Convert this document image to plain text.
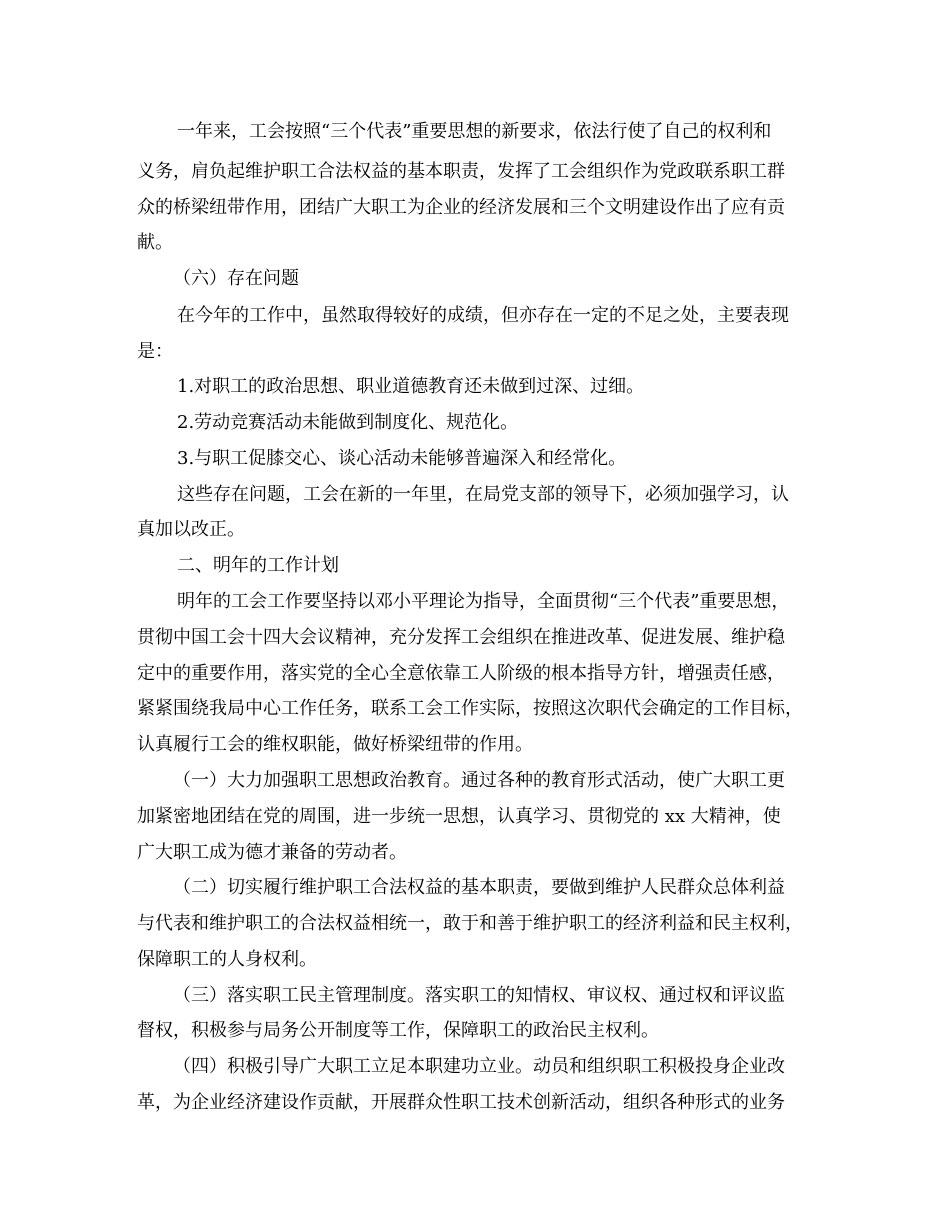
一年来，工会按照“三个代表”重要思想的新要求，依法行使了自己的权利和
义务，肩负起维护职工合法权益的基本职责，发挥了工会组织作为党政联系职工群
众的桥梁纽带作用，团结广大职工为企业的经济发展和三个文明建设作出了应有贡
献。
（六）存在问题
在今年的工作中，虽然取得较好的成绩，但亦存在一定的不足之处，主要表现
是：
1.对职工的政治思想、职业道德教育还未做到过深、过细。
2.劳动竞赛活动未能做到制度化、规范化。
3.与职工促膝交心、谈心活动未能够普遍深入和经常化。
这些存在问题，工会在新的一年里，在局党支部的领导下，必须加强学习，认
真加以改正。
二、明年的工作计划
明年的工会工作要坚持以邓小平理论为指导，全面贯彻“三个代表”重要思想，
贯彻中国工会十四大会议精神，充分发挥工会组织在推进改革、促进发展、维护稳
定中的重要作用，落实党的全心全意依靠工人阶级的根本指导方针，增强责任感，
紧紧围绕我局中心工作任务，联系工会工作实际，按照这次职代会确定的工作目标，
认真履行工会的维权职能，做好桥梁纽带的作用。
（一）大力加强职工思想政治教育。通过各种的教育形式活动，使广大职工更
加紧密地团结在党的周围，进一步统一思想，认真学习、贯彻党的 xx 大精神，使
广大职工成为德才兼备的劳动者。
（二）切实履行维护职工合法权益的基本职责，要做到维护人民群众总体利益
与代表和维护职工的合法权益相统一，敢于和善于维护职工的经济利益和民主权利，
保障职工的人身权利。
（三）落实职工民主管理制度。落实职工的知情权、审议权、通过权和评议监
督权，积极参与局务公开制度等工作，保障职工的政治民主权利。
（四）积极引导广大职工立足本职建功立业。动员和组织职工积极投身企业改
革，为企业经济建设作贡献，开展群众性职工技术创新活动，组织各种形式的业务
